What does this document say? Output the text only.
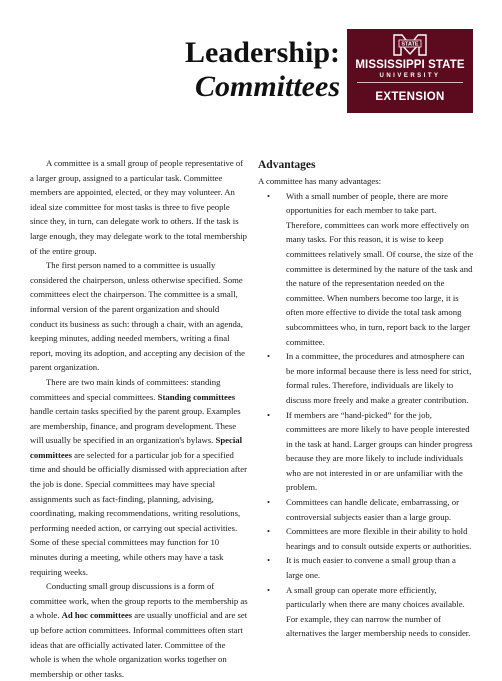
Leadership:
Committees
STATE
MISSISSIPPI STATE
UNIVERSITY
EXTENSION

A committee is a small group of people representative of a larger group, assigned to a particular task. Committee members are appointed, elected, or they may volunteer. An ideal size committee for most tasks is three to five people since they, in turn, can delegate work to others. If the task is large enough, they may delegate work to the total membership of the entire group.

The first person named to a committee is usually considered the chairperson, unless otherwise specified. Some committees elect the chairperson. The committee is a small, informal version of the parent organization and should conduct its business as such: through a chair, with an agenda, keeping minutes, adding needed members, writing a final report, moving its adoption, and accepting any decision of the parent organization.

There are two main kinds of committees: standing committees and special committees. Standing committees handle certain tasks specified by the parent group. Examples are membership, finance, and program development. These will usually be specified in an organization's bylaws. Special committees are selected for a particular job for a specified time and should be officially dismissed with appreciation after the job is done. Special committees may have special assignments such as fact-finding, planning, advising, coordinating, making recommendations, writing resolutions, performing needed action, or carrying out special activities. Some of these special committees may function for 10 minutes during a meeting, while others may have a task requiring weeks.

Conducting small group discussions is a form of committee work, when the group reports to the membership as a whole. Ad hoc committees are usually unofficial and are set up before action committees. Informal committees often start ideas that are officially activated later. Committee of the whole is when the whole organization works together on membership or other tasks.

Advantages

A committee has many advantages:

• With a small number of people, there are more opportunities for each member to take part. Therefore, committees can work more effectively on many tasks. For this reason, it is wise to keep committees relatively small. Of course, the size of the committee is determined by the nature of the task and the nature of the representation needed on the committee. When numbers become too large, it is often more effective to divide the total task among subcommittees who, in turn, report back to the larger committee.
• In a committee, the procedures and atmosphere can be more informal because there is less need for strict, formal rules. Therefore, individuals are likely to discuss more freely and make a greater contribution.
• If members are “hand-picked” for the job, committees are more likely to have people interested in the task at hand. Larger groups can hinder progress because they are more likely to include individuals who are not interested in or are unfamiliar with the problem.
• Committees can handle delicate, embarrassing, or controversial subjects easier than a large group.
• Committees are more flexible in their ability to hold hearings and to consult outside experts or authorities.
• It is much easier to convene a small group than a large one.
• A small group can operate more efficiently, particularly when there are many choices available. For example, they can narrow the number of alternatives the larger membership needs to consider.
